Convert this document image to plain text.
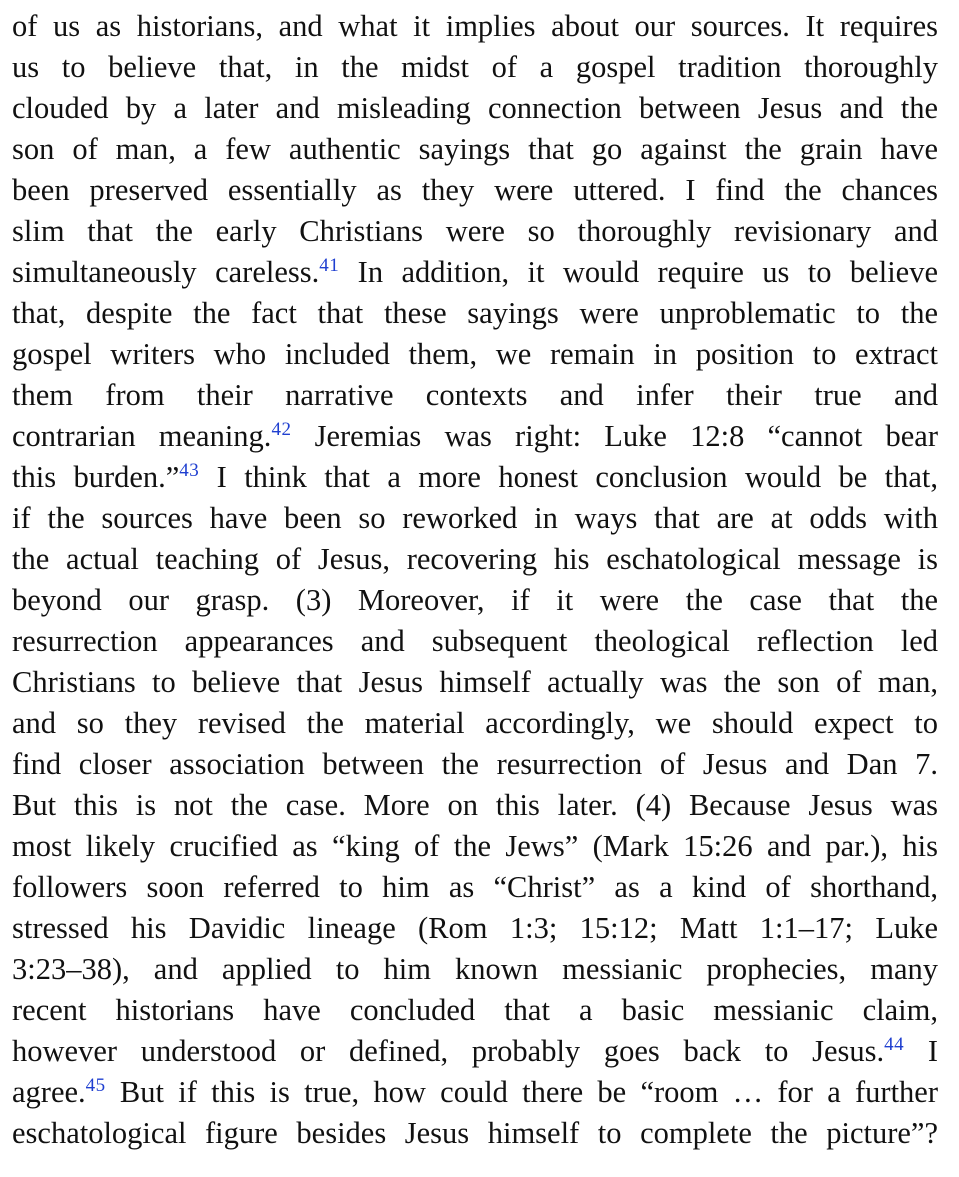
of us as historians, and what it implies about our sources. It requires
us to believe that, in the midst of a gospel tradition thoroughly
clouded by a later and misleading connection between Jesus and the
son of man, a few authentic sayings that go against the grain have
been preserved essentially as they were uttered. I find the chances
slim that the early Christians were so thoroughly revisionary and
simultaneously careless.$^{41}$ In addition, it would require us to believe
that, despite the fact that these sayings were unproblematic to the
gospel writers who included them, we remain in position to extract
them from their narrative contexts and infer their true and
contrarian meaning.$^{42}$ Jeremias was right: Luke 12:8 “cannot bear
this burden.”$^{43}$ I think that a more honest conclusion would be that,
if the sources have been so reworked in ways that are at odds with
the actual teaching of Jesus, recovering his eschatological message is
beyond our grasp. (3) Moreover, if it were the case that the
resurrection appearances and subsequent theological reflection led
Christians to believe that Jesus himself actually was the son of man,
and so they revised the material accordingly, we should expect to
find closer association between the resurrection of Jesus and Dan 7.
But this is not the case. More on this later. (4) Because Jesus was
most likely crucified as “king of the Jews” (Mark 15:26 and par.), his
followers soon referred to him as “Christ” as a kind of shorthand,
stressed his Davidic lineage (Rom 1:3; 15:12; Matt 1:1–17; Luke
3:23–38), and applied to him known messianic prophecies, many
recent historians have concluded that a basic messianic claim,
however understood or defined, probably goes back to Jesus.$^{44}$ I
agree.$^{45}$ But if this is true, how could there be “room … for a further
eschatological figure besides Jesus himself to complete the picture”?
